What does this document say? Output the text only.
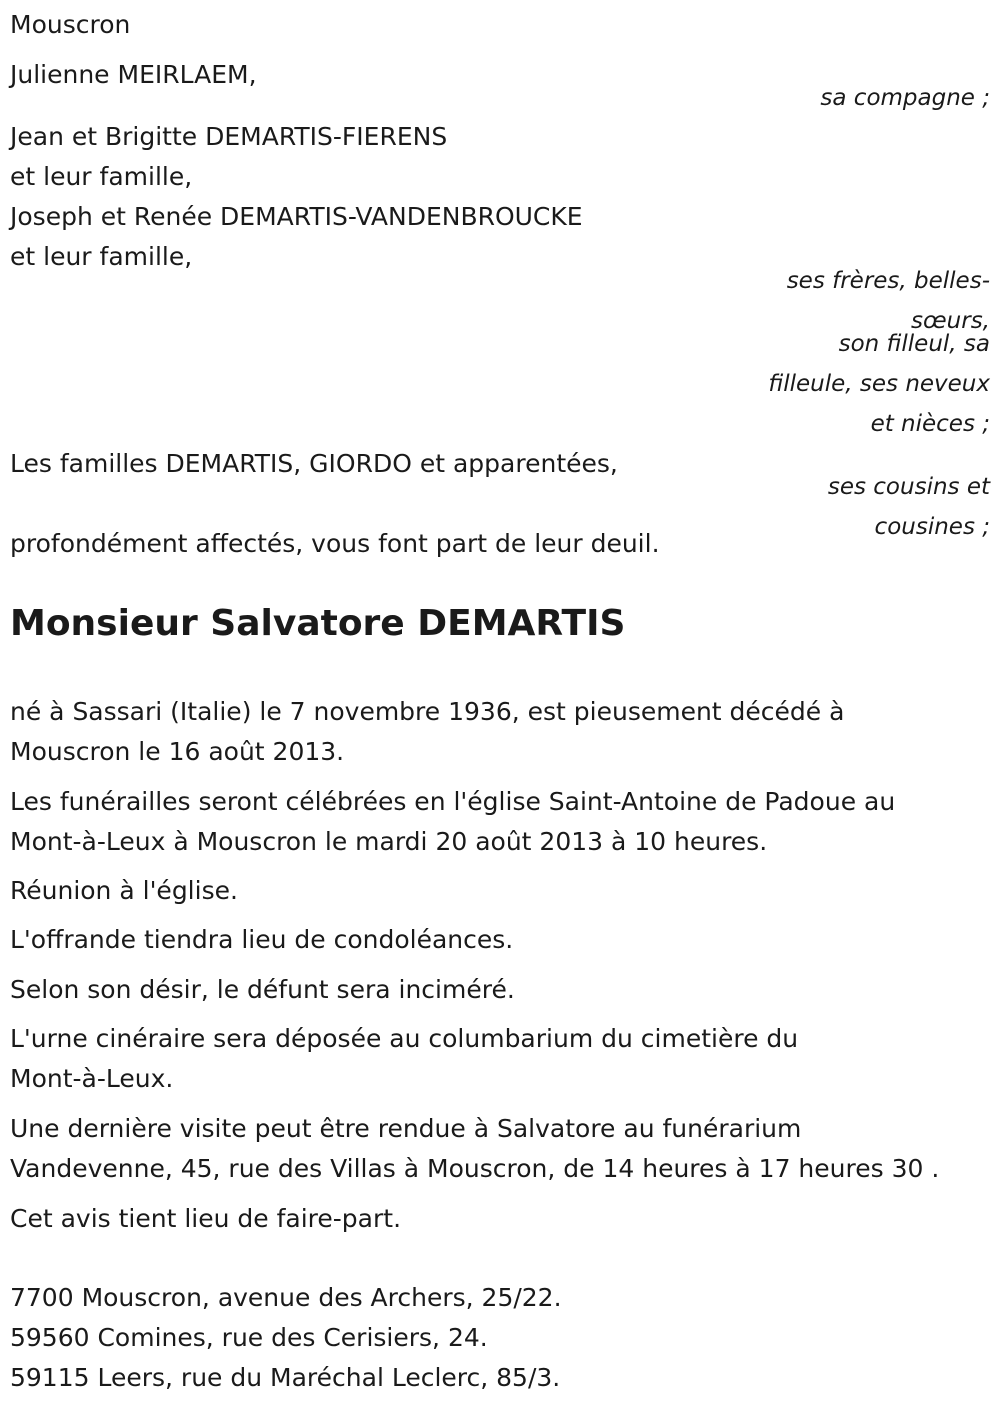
Mouscron
Julienne MEIRLAEM,
sa compagne ;
Jean et Brigitte DEMARTIS-FIERENS
et leur famille,
Joseph et Renée DEMARTIS-VANDENBROUCKE
et leur famille,
ses frères, belles-
sœurs,
son filleul, sa
filleule, ses neveux
et nièces ;
Les familles DEMARTIS, GIORDO et apparentées,
ses cousins et
cousines ;
profondément affectés, vous font part de leur deuil.
Monsieur Salvatore DEMARTIS
né à Sassari (Italie) le 7 novembre 1936, est pieusement décédé à
Mouscron le 16 août 2013.
Les funérailles seront célébrées en l'église Saint-Antoine de Padoue au
Mont-à-Leux à Mouscron le mardi 20 août 2013 à 10 heures.
Réunion à l'église.
L'offrande tiendra lieu de condoléances.
Selon son désir, le défunt sera inciméré.
L'urne cinéraire sera déposée au columbarium du cimetière du
Mont-à-Leux.
Une dernière visite peut être rendue à Salvatore au funérarium
Vandevenne, 45, rue des Villas à Mouscron, de 14 heures à 17 heures 30 .
Cet avis tient lieu de faire-part.
7700 Mouscron, avenue des Archers, 25/22.
59560 Comines, rue des Cerisiers, 24.
59115 Leers, rue du Maréchal Leclerc, 85/3.
